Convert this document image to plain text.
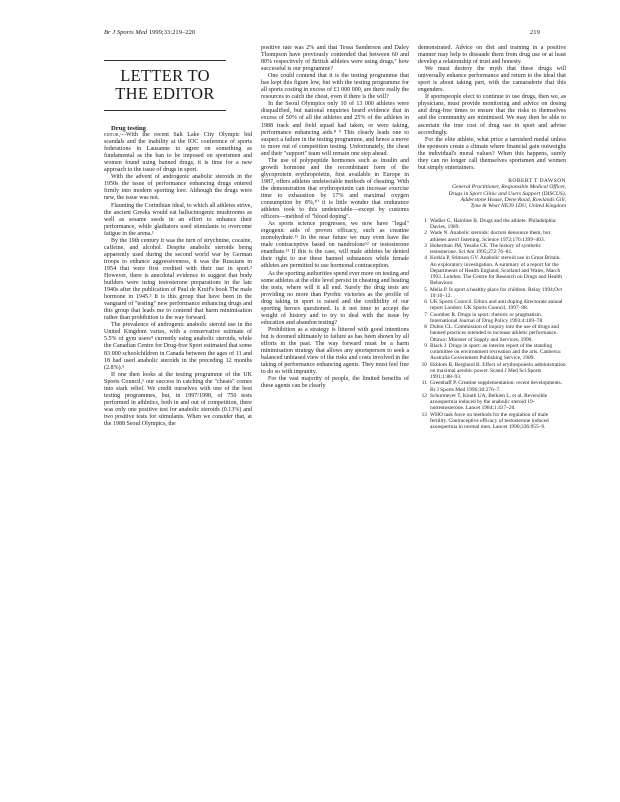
Br J Sports Med 1999;33:219–220	219
LETTER TO
THE EDITOR

Drug testing

editor,—With the recent Salt Lake City Olympic bid scandals and the inability at the IOC conference of sports federations in Lausanne to agree on something as fundamental as the ban to be imposed on sportsmen and women found using banned drugs, it is time for a new approach to the issue of drugs in sport.

With the advent of androgenic anabolic steroids in the 1950s the issue of performance enhancing drugs entered firmly into modern sporting lore. Although the drugs were new, the issue was not.

Flaunting the Corinthian ideal, to which all athletes strive, the ancient Greeks would eat hallucinogenic mushrooms as well as sesame seeds in an effort to enhance their performance, while gladiators used stimulants to overcome fatigue in the arena.¹

By the 19th century it was the turn of strychnine, cocaine, caffeine, and alcohol. Despite anabolic steroids being apparently used during the second world war by German troops to enhance aggressiveness, it was the Russians in 1954 that were first credited with their use in sport.² However, there is anecdotal evidence to suggest that body builders were using testosterone preparations in the late 1940s after the publication of Paul de Kruif's book The male hormone in 1945.³ It is this group that have been in the vanguard of "testing" new performance enhancing drugs and this group that leads me to contend that harm minimisation rather than prohibition is the way forward.

The prevalence of androgenic anabolic steroid use in the United Kingdom varies, with a conservative estimate of 5.5% of gym users⁴ currently using anabolic steroids, while the Canadian Centre for Drug-free Sport estimated that some 83 000 schoolchildren in Canada between the ages of 11 and 18 had used anabolic steroids in the preceding 12 months (2.8%).⁵

If one then looks at the testing programme of the UK Sports Council,⁶ our success in catching the "cheats" comes into stark relief. We credit ourselves with one of the best testing programmes, but, in 1997/1998, of 750 tests performed in athletics, both in and out of competition, there was only one positive test for anabolic steroids (0.13%) and two positive tests for stimulants. When we consider that, at the 1988 Seoul Olympics, the

positive rate was 2% and that Tessa Sanderson and Daley Thompson have previously contended that between 60 and 80% respectively of British athletes were using drugs,⁷ how successful is our programme?

One could contend that it is the testing programme that has kept this figure low, but with the testing programme for all sports costing in excess of £1 000 000, are there really the resources to catch the cheat, even if there is the will?

In the Seoul Olympics only 10 of 13 000 athletes were disqualified, but national enquiries heard evidence that in excess of 50% of all the athletes and 25% of the athletes in 1988 track and field squad had taken, or were taking, performance enhancing aids.⁸ ⁹ This clearly leads one to suspect a failure in the testing programme, and hence a move to more out of competition testing. Unfortunately, the cheat and their "support" team will remain one step ahead.

The use of polypeptide hormones such as insulin and growth hormone and the recombinant form of the glycoprotein erythropoietin, first available in Europe in 1987, offers athletes undetectable methods of cheating. With the demonstration that erythropoietin can increase exercise time to exhaustion by 17% and maximal oxygen consumption by 8%,¹⁰ it is little wonder that endurance athletes took to this undetectable—except by customs officers—method of "blood doping".

As sports science progresses, we now have "legal" ergogenic aids of proven efficacy, such as creatine monohydrate.¹¹ In the near future we may even have the male contraceptive based on nandrolone¹² or testosterone enanthate.¹³ If this is the case, will male athletes be denied their right to use these banned substances while female athletes are permitted to use hormonal contraception.

As the sporting authorities spend ever more on testing and some athletes at the elite level persist in cheating and beating the tests, where will it all end. Surely the drug tests are providing no more than Pyrrhic victories as the profile of drug taking in sport is raised and the credibility of our sporting heroes questioned. Is it not time to accept the weight of history and to try to deal with the issue by education and abandon testing?

Prohibition as a strategy is littered with good intentions but is doomed ultimately to failure as has been shown by all efforts in the past. The way forward must be a harm minimisation strategy that allows any sportsperson to seek a balanced unbiased view of the risks and costs involved in the taking of performance enhancing agents. They must feel free to do so with impunity.

For the vast majority of people, the limited benefits of these agents can be clearly

demonstrated. Advice on diet and training in a positive manner may help to dissuade them from drug use or at least develop a relationship of trust and honesty.

We must destroy the myth that these drugs will universally enhance performance and return to the ideal that sport is about taking part, with the camaraderie that this engenders.

If sportspeople elect to continue to use drugs, then we, as physicians, must provide monitoring and advice on dosing and drug-free times to ensure that the risks to themselves and the community are minimised. We may then be able to ascertain the true cost of drug use in sport and advise accordingly.

For the elite athlete, what price a tarnished medal unless the sponsors create a climate where financial gain outweighs the individual's moral values? When this happens, surely they can no longer call themselves sportsmen and women but simply entertainers.

ROBERT T DAWSON
General Practitioner, Responsible Medical Officer,
Drugs in Sport Clinic and Users Support (DISCUS),
Adderstone House, Dene Road, Rowlands Gill,
Tyne & Wear NE39 1DU, United Kingdom
1 Wadler G, Hainline B. Drugs and the athlete. Philadelphia: Davies, 1989.
2 Wade N. Anabolic steroids: doctors denounce them, but athletes aren't listening. Science 1972;176:1399–403.
3 Hoberman JM, Yesalis CE. The history of synthetic testosterone. Sci Am 1995;272:76–81.
4 Korkia P, Stimson GV. Anabolic steroid use in Great Britain. An exploratory investigation. A summary of a report for the Departments of Health England, Scotland and Wales, March 1993. London: The Centre for Research on Drugs and Health Behaviour.
5 Melia P. Is sport a healthy place for children. Relay 1994;Oct 10:10–12.
6 UK Sports Council. Ethics and anti doping directorate annual report London: UK Sports Council, 1997–98.
7 Coomber R. Drugs in sport: rhetoric or pragmatism. International Journal of Drug Policy 1993;4:169–78.
8 Dubin CL. Commission of inquiry into the use of drugs and banned practices intended to increase athletic performance. Ottawa: Minister of Supply and Services, 1990.
9 Black J. Drugs in sport: an interim report of the standing committee on environment recreation and the arts. Canberra: Australia Government Publishing Service, 1989.
10 Ekblom B, Berglund B. Effect of erythropoietin administration on maximal aerobic power. Scand J Med Sci Sports 1991;1:88–93.
11 Greenhaff P. Creatine supplementation: recent developments. Br J Sports Med 1996;30:276–7.
12 Schurmeyer T, Knuth UA, Belkien L, et al. Reversible azoospermia induced by the anabolic steroid 19-nortestosterone. Lancet 1984;1:417–20.
13 WHO task force on methods for the regulation of male fertility. Contraceptive efficacy of testosterone induced azoospermia in normal men. Lancet 1990;336:955–9.
